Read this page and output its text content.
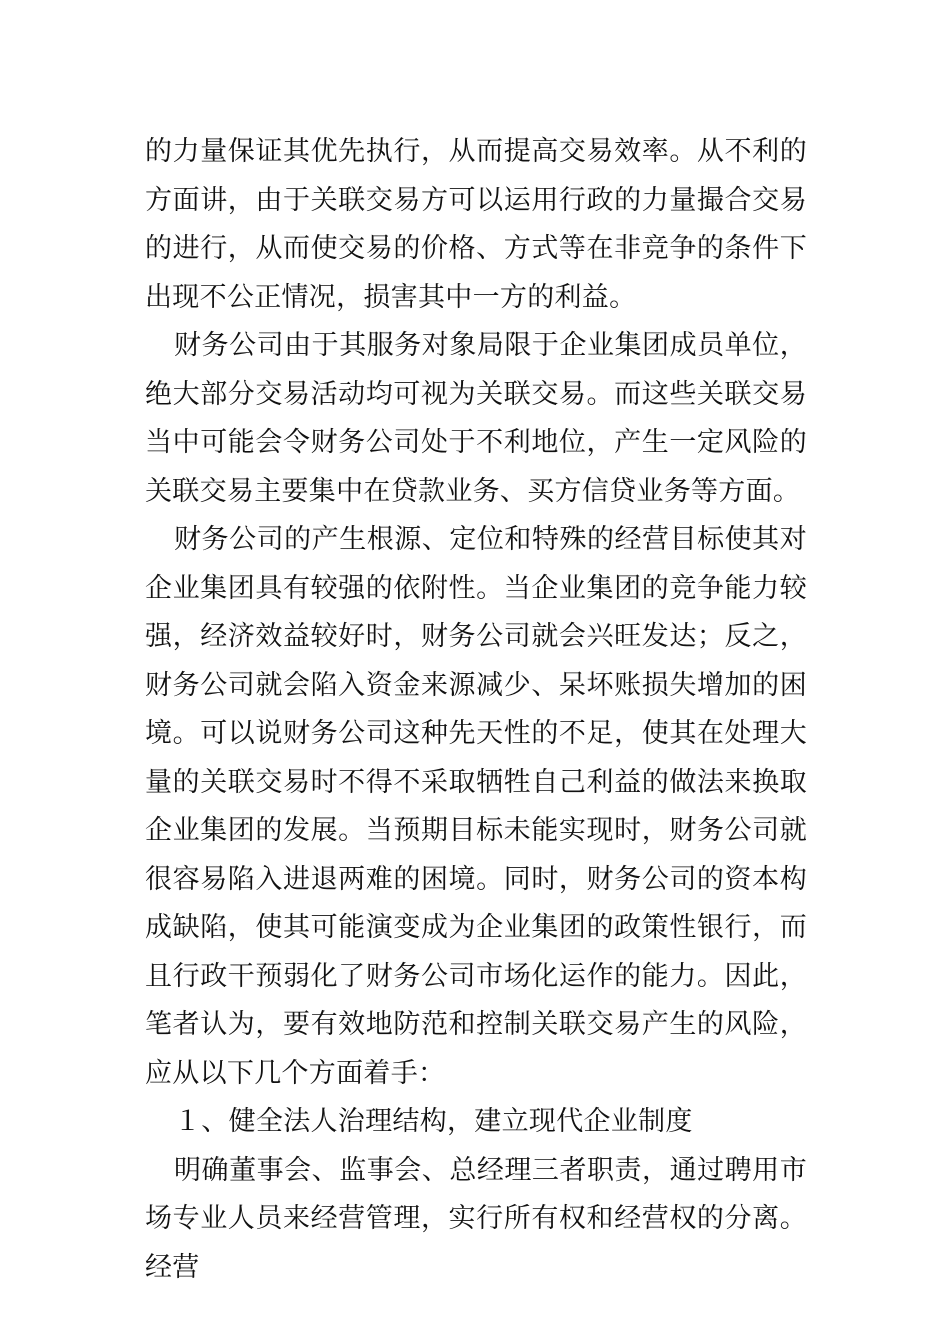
的力量保证其优先执行，从而提高交易效率。从不利的方面讲，由于关联交易方可以运用行政的力量撮合交易的进行，从而使交易的价格、方式等在非竞争的条件下出现不公正情况，损害其中一方的利益。

财务公司由于其服务对象局限于企业集团成员单位，绝大部分交易活动均可视为关联交易。而这些关联交易当中可能会令财务公司处于不利地位，产生一定风险的关联交易主要集中在贷款业务、买方信贷业务等方面。

财务公司的产生根源、定位和特殊的经营目标使其对企业集团具有较强的依附性。当企业集团的竞争能力较强，经济效益较好时，财务公司就会兴旺发达；反之，财务公司就会陷入资金来源减少、呆坏账损失增加的困境。可以说财务公司这种先天性的不足，使其在处理大量的关联交易时不得不采取牺牲自己利益的做法来换取企业集团的发展。当预期目标未能实现时，财务公司就很容易陷入进退两难的困境。同时，财务公司的资本构成缺陷，使其可能演变成为企业集团的政策性银行，而且行政干预弱化了财务公司市场化运作的能力。因此，笔者认为，要有效地防范和控制关联交易产生的风险，应从以下几个方面着手：

１、健全法人治理结构，建立现代企业制度

明确董事会、监事会、总经理三者职责，通过聘用市场专业人员来经营管理，实行所有权和经营权的分离。经营
